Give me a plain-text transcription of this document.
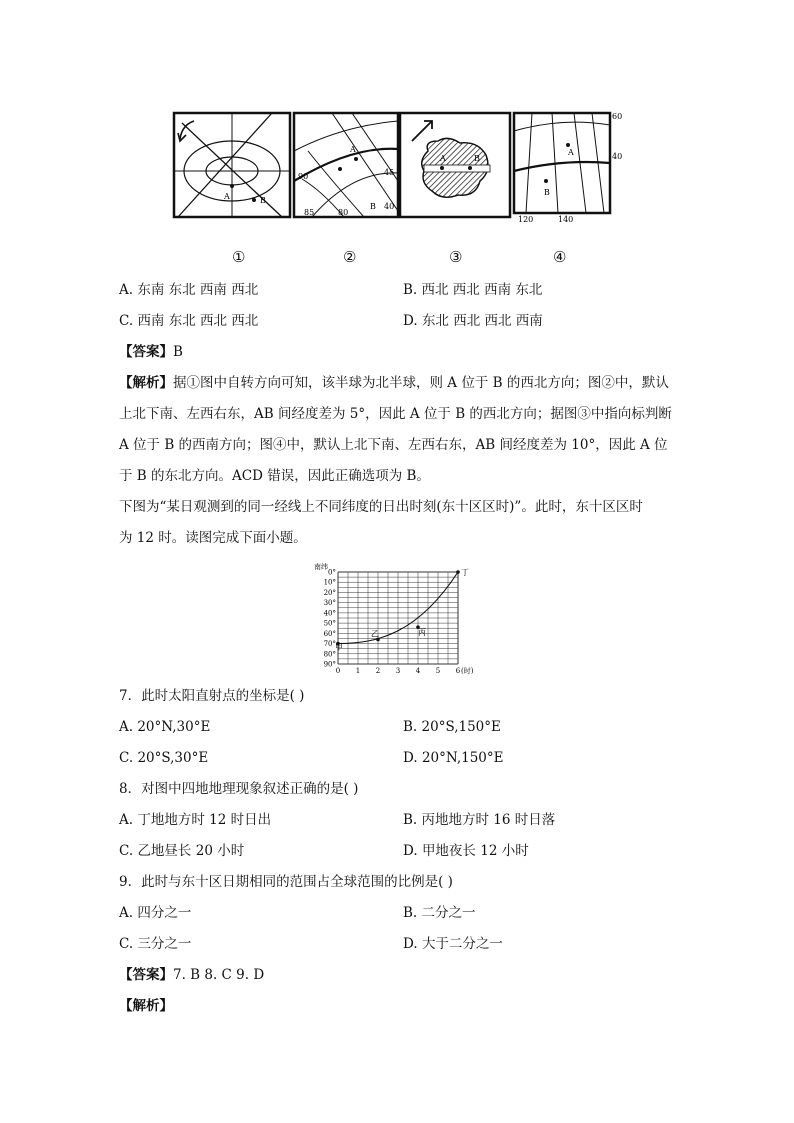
A	B
A
B
90	45
85	80
40
A	B
A
B
60
40
120	140
①	②	③	④
A. 东南 东北 西南 西北	B. 西北 西北 西南 东北
C. 西南 东北 西北 西北	D. 东北 西北 西北 西南
【答案】B
【解析】据①图中自转方向可知，该半球为北半球，则 A 位于 B 的西北方向；图②中，默认
上北下南、左西右东，AB 间经度差为 5°，因此 A 位于 B 的西北方向；据图③中指向标判断
A 位于 B 的西南方向；图④中，默认上北下南、左西右东，AB 间经度差为 10°，因此 A 位
于 B 的东北方向。ACD 错误，因此正确选项为 B。
下图为“某日观测到的同一经线上不同纬度的日出时刻(东十区区时)”。此时，东十区区时
为 12 时。读图完成下面小题。
0°
10°
20°
30°
40°
50°
60°
70°
80°
90°
0 1 2 3 4 5 6
南纬
(时)
甲
乙	丙
丁
7．此时太阳直射点的坐标是( )
A. 20°N,30°E	B. 20°S,150°E
C. 20°S,30°E	D. 20°N,150°E
8．对图中四地地理现象叙述正确的是( )
A. 丁地地方时 12 时日出	B. 丙地地方时 16 时日落
C. 乙地昼长 20 小时	D. 甲地夜长 12 小时
9．此时与东十区日期相同的范围占全球范围的比例是( )
A. 四分之一	B. 二分之一
C. 三分之一	D. 大于二分之一
【答案】7. B 8. C 9. D
【解析】
